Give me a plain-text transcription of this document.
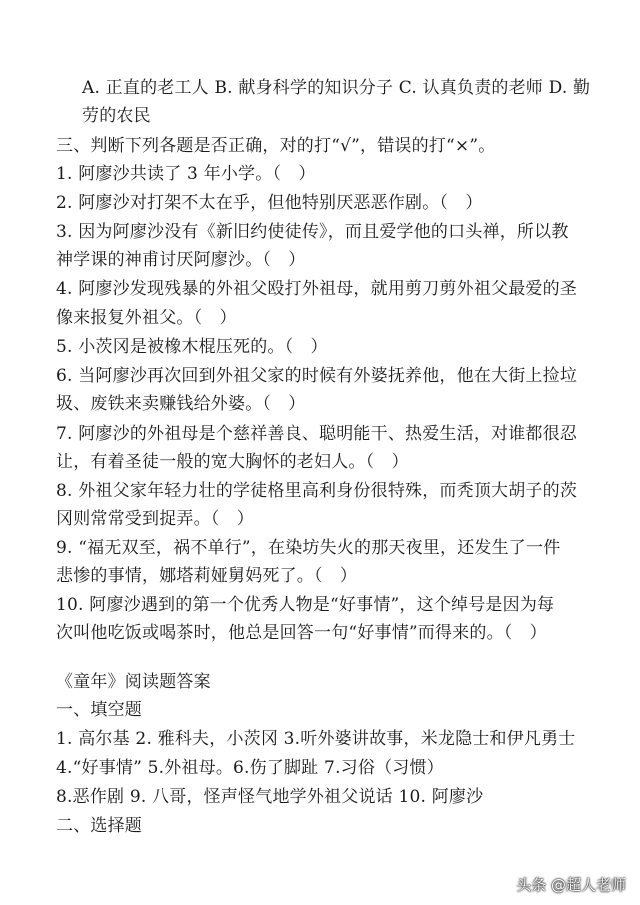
A. 正直的老工人 B. 献身科学的知识分子 C. 认真负责的老师 D. 勤
劳的农民
三、判断下列各题是否正确，对的打“√”，错误的打“×”。
1. 阿廖沙共读了 3 年小学。（　）
2. 阿廖沙对打架不太在乎，但他特别厌恶恶作剧。（　）
3. 因为阿廖沙没有《新旧约使徒传》，而且爱学他的口头禅，所以教
神学课的神甫讨厌阿廖沙。（　）
4. 阿廖沙发现残暴的外祖父殴打外祖母，就用剪刀剪外祖父最爱的圣
像来报复外祖父。（　）
5. 小茨冈是被橡木棍压死的。（　）
6. 当阿廖沙再次回到外祖父家的时候有外婆抚养他，他在大街上捡垃
圾、废铁来卖赚钱给外婆。（　）
7. 阿廖沙的外祖母是个慈祥善良、聪明能干、热爱生活，对谁都很忍
让，有着圣徒一般的宽大胸怀的老妇人。（　）
8. 外祖父家年轻力壮的学徒格里高利身份很特殊，而秃顶大胡子的茨
冈则常常受到捉弄。（　）
9. “福无双至，祸不单行”，在染坊失火的那天夜里，还发生了一件
悲惨的事情，娜塔莉娅舅妈死了。（　）
10. 阿廖沙遇到的第一个优秀人物是“好事情”，这个绰号是因为每
次叫他吃饭或喝茶时，他总是回答一句“好事情”而得来的。（　）
《童年》阅读题答案
一、填空题
1. 高尔基 2. 雅科夫，小茨冈 3.听外婆讲故事，米龙隐士和伊凡勇士
4.“好事情” 5.外祖母。6.伤了脚趾 7.习俗（习惯）
8.恶作剧 9. 八哥，怪声怪气地学外祖父说话 10. 阿廖沙
二、选择题
头条 @超人老师
